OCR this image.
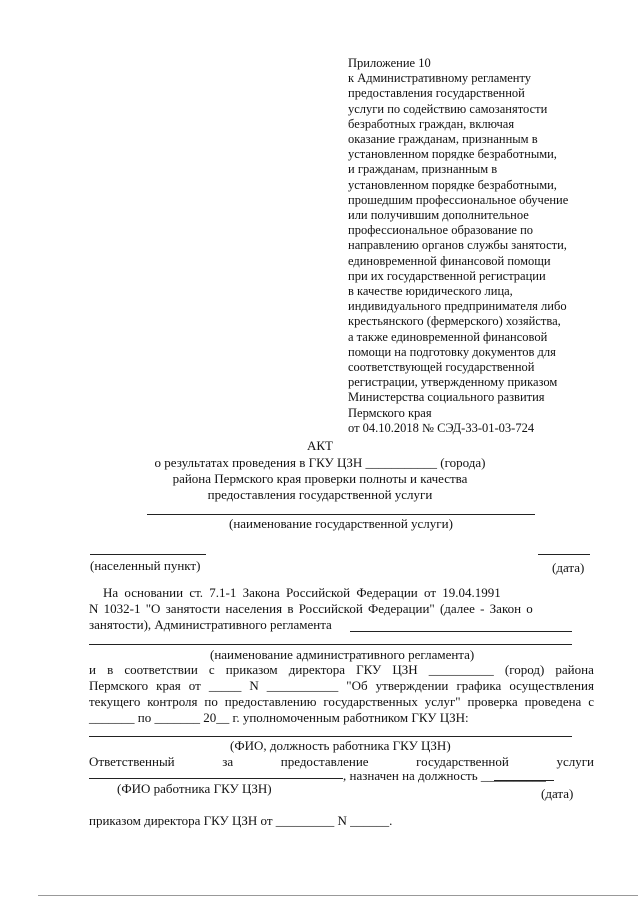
Приложение 10
к Административному регламенту
предоставления государственной
услуги по содействию самозанятости
безработных граждан, включая
оказание гражданам, признанным в
установленном порядке безработными,
и гражданам, признанным в
установленном порядке безработными,
прошедшим профессиональное обучение
или получившим дополнительное
профессиональное образование по
направлению органов службы занятости,
единовременной финансовой помощи
при их государственной регистрации
в качестве юридического лица,
индивидуального предпринимателя либо
крестьянского (фермерского) хозяйства,
а также единовременной финансовой
помощи на подготовку документов для
соответствующей государственной
регистрации, утвержденному приказом
Министерства социального развития
Пермского края
от 04.10.2018 № СЭД-33-01-03-724
АКТ
о результатах проведения в ГКУ ЦЗН ___________ (города)
района Пермского края проверки полноты и качества
предоставления государственной услуги
(наименование государственной услуги)
(населенный пункт)	(дата)
На основании ст. 7.1-1 Закона Российской Федерации от 19.04.1991
N 1032-1 "О занятости населения в Российской Федерации" (далее - Закон о
занятости), Административного регламента
(наименование административного регламента)
и в соответствии с приказом директора ГКУ ЦЗН __________ (город) района
Пермского края от _____ N ___________ "Об утверждении графика осуществления
текущего контроля по предоставлению государственных услуг" проверка проведена с
_______ по _______ 20__ г. уполномоченным работником ГКУ ЦЗН:
(ФИО, должность работника ГКУ ЦЗН)
Ответственный	за	предоставление	государственной	услуги
, назначен на должность __________
(ФИО работника ГКУ ЦЗН)	(дата)
приказом директора ГКУ ЦЗН от _________ N ______.
